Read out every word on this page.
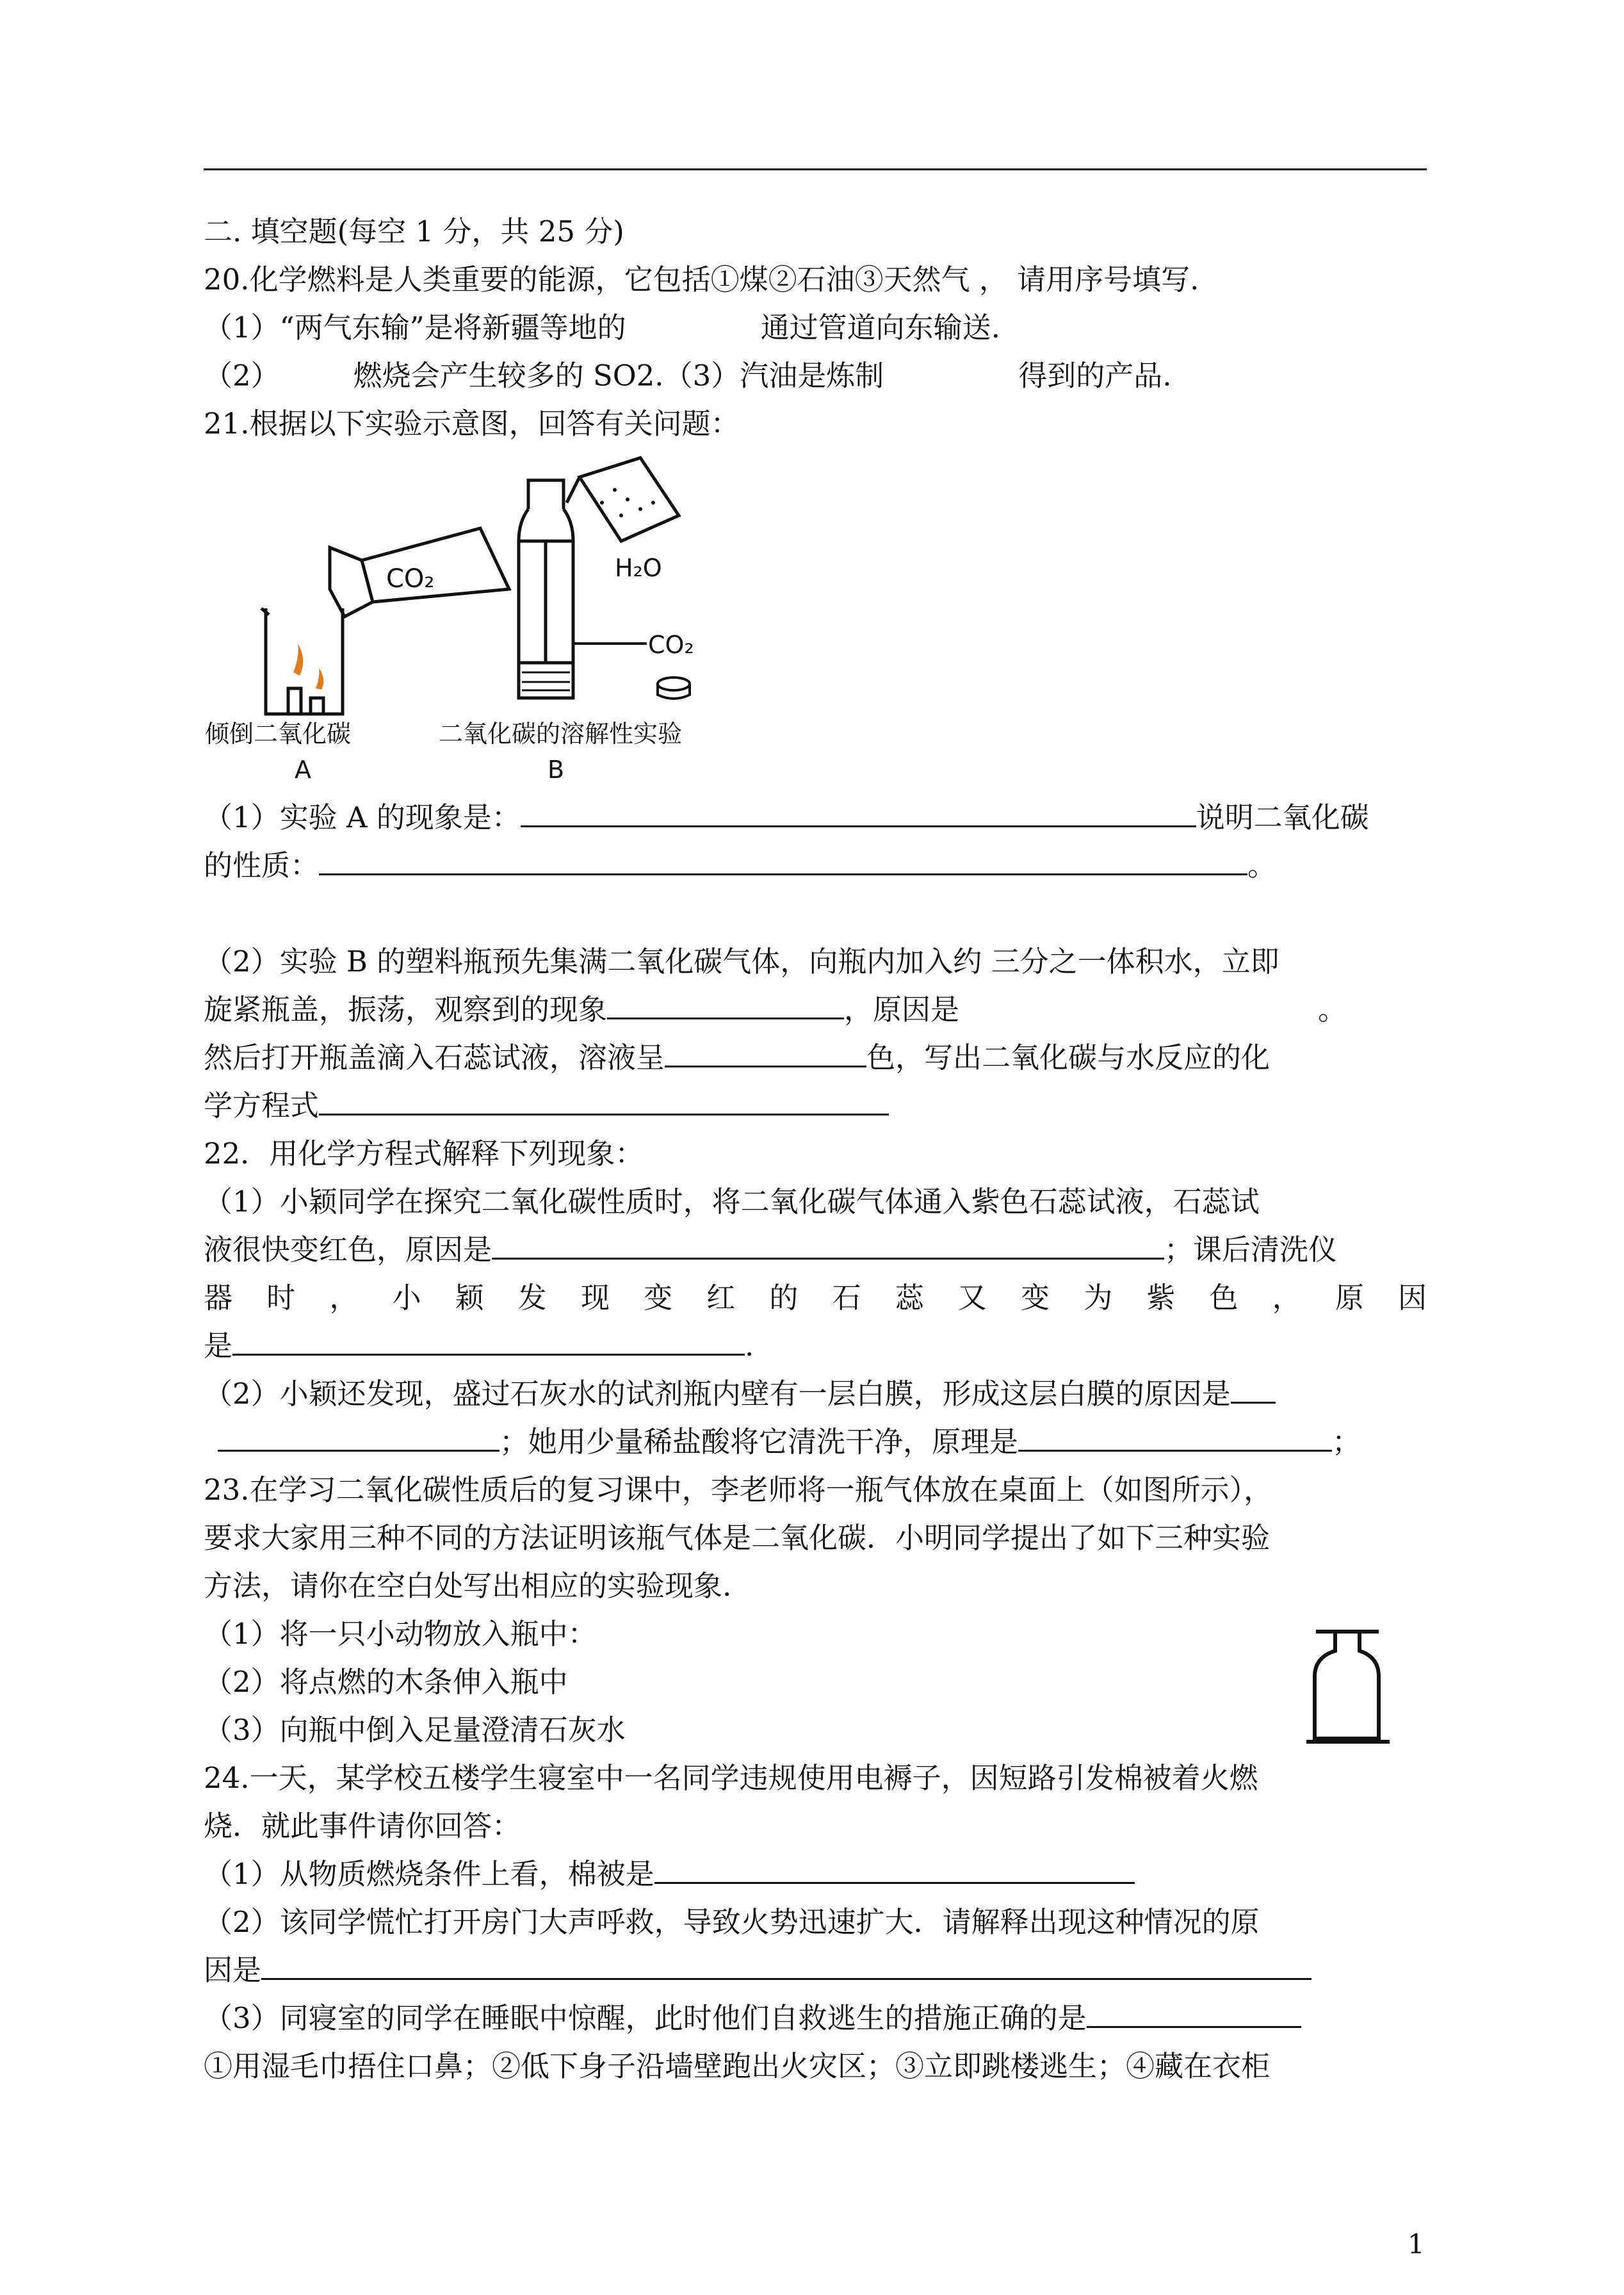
二. 填空题(每空 1 分，共 25 分)
20.化学燃料是人类重要的能源，它包括①煤②石油③天然气 ， 请用序号填写.
（1）“两气东输”是将新疆等地的	通过管道向东输送.
（2）	燃烧会产生较多的 SO2.（3）汽油是炼制	得到的产品.
21.根据以下实验示意图，回答有关问题：
CO₂	H₂O
CO₂
倾倒二氧化碳	二氧化碳的溶解性实验
A	B
（1）实验 A 的现象是：	说明二氧化碳
的性质：	。
（2）实验 B 的塑料瓶预先集满二氧化碳气体，向瓶内加入约 三分之一体积水，立即
旋紧瓶盖，振荡，观察到的现象	，原因是	。
然后打开瓶盖滴入石蕊试液，溶液呈	色，写出二氧化碳与水反应的化
学方程式
22．用化学方程式解释下列现象：
（1）小颖同学在探究二氧化碳性质时，将二氧化碳气体通入紫色石蕊试液，石蕊试
液很快变红色，原因是	；课后清洗仪
器 时 ， 小 颖 发 现 变 红 的 石 蕊 又 变 为 紫 色 ， 原 因
是	.
（2）小颖还发现，盛过石灰水的试剂瓶内壁有一层白膜，形成这层白膜的原因是
；她用少量稀盐酸将它清洗干净，原理是	；
23.在学习二氧化碳性质后的复习课中，李老师将一瓶气体放在桌面上（如图所示），
要求大家用三种不同的方法证明该瓶气体是二氧化碳．小明同学提出了如下三种实验
方法，请你在空白处写出相应的实验现象.
（1）将一只小动物放入瓶中：
（2）将点燃的木条伸入瓶中
（3）向瓶中倒入足量澄清石灰水
24.一天，某学校五楼学生寝室中一名同学违规使用电褥子，因短路引发棉被着火燃
烧．就此事件请你回答：
（1）从物质燃烧条件上看，棉被是
（2）该同学慌忙打开房门大声呼救，导致火势迅速扩大．请解释出现这种情况的原
因是
（3）同寝室的同学在睡眠中惊醒，此时他们自救逃生的措施正确的是
①用湿毛巾捂住口鼻；②低下身子沿墙壁跑出火灾区；③立即跳楼逃生；④藏在衣柜
1
